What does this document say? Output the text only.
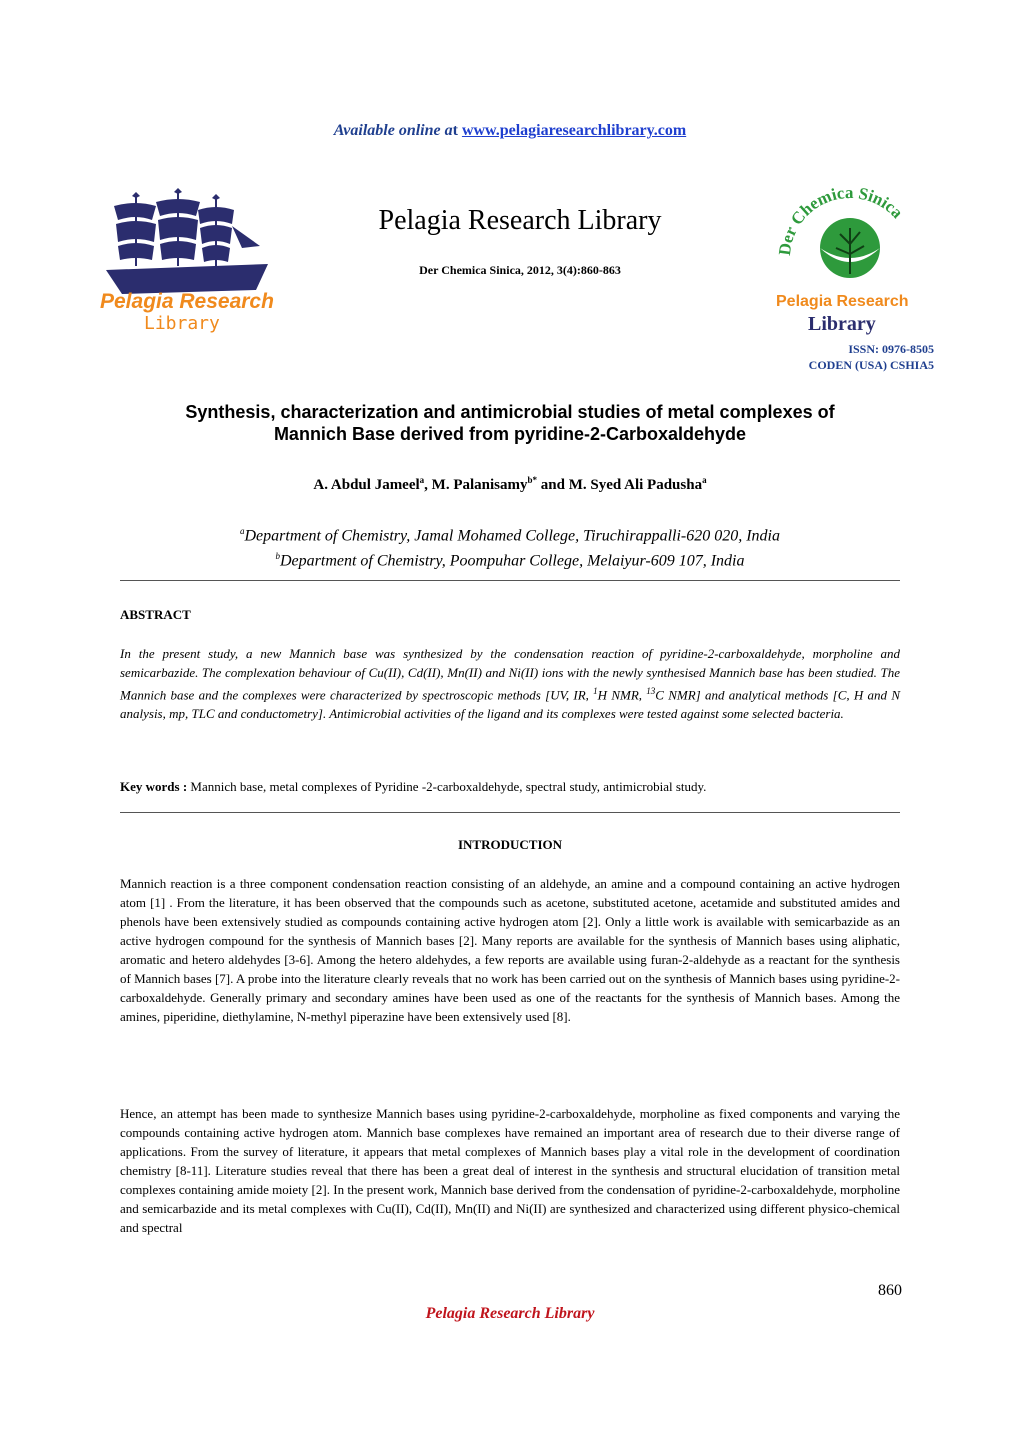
Available online at www.pelagiaresearchlibrary.com
Pelagia Research
Library
Pelagia Research Library
Der Chemica Sinica, 2012, 3(4):860-863
Der Chemica Sinica
Pelagia Research
Library
ISSN: 0976-8505
CODEN (USA) CSHIA5
Synthesis, characterization and antimicrobial studies of metal complexes of
Mannich Base derived from pyridine-2-Carboxaldehyde
A. Abdul Jameel$^a$, M. Palanisamy$^{b*}$ and M. Syed Ali Padusha$^a$
$^a$Department of Chemistry, Jamal Mohamed College, Tiruchirappalli-620 020, India
$^b$Department of Chemistry, Poompuhar College, Melaiyur-609 107, India
ABSTRACT
In the present study, a new Mannich base was synthesized by the condensation reaction of pyridine-2-carboxaldehyde, morpholine and semicarbazide. The complexation behaviour of Cu(II), Cd(II), Mn(II) and Ni(II) ions with the newly synthesised Mannich base has been studied. The Mannich base and the complexes were characterized by spectroscopic methods [UV, IR, $^1$H NMR, $^{13}$C NMR] and analytical methods [C, H and N analysis, mp, TLC and conductometry]. Antimicrobial activities of the ligand and its complexes were tested against some selected bacteria.
Key words : Mannich base, metal complexes of Pyridine -2-carboxaldehyde, spectral study, antimicrobial study.
INTRODUCTION
Mannich reaction is a three component condensation reaction consisting of an aldehyde, an amine and a compound containing an active hydrogen atom [1] . From the literature, it has been observed that the compounds such as acetone, substituted acetone, acetamide and substituted amides and phenols have been extensively studied as compounds containing active hydrogen atom [2]. Only a little work is available with semicarbazide as an active hydrogen compound for the synthesis of Mannich bases [2]. Many reports are available for the synthesis of Mannich bases using aliphatic, aromatic and hetero aldehydes [3-6]. Among the hetero aldehydes, a few reports are available using furan-2-aldehyde as a reactant for the synthesis of Mannich bases [7]. A probe into the literature clearly reveals that no work has been carried out on the synthesis of Mannich bases using pyridine-2-carboxaldehyde. Generally primary and secondary amines have been used as one of the reactants for the synthesis of Mannich bases. Among the amines, piperidine, diethylamine, N-methyl piperazine have been extensively used [8].
Hence, an attempt has been made to synthesize Mannich bases using pyridine-2-carboxaldehyde, morpholine as fixed components and varying the compounds containing active hydrogen atom. Mannich base complexes have remained an important area of research due to their diverse range of applications. From the survey of literature, it appears that metal complexes of Mannich bases play a vital role in the development of coordination chemistry [8-11]. Literature studies reveal that there has been a great deal of interest in the synthesis and structural elucidation of transition metal complexes containing amide moiety [2]. In the present work, Mannich base derived from the condensation of pyridine-2-carboxaldehyde, morpholine and semicarbazide and its metal complexes with Cu(II), Cd(II), Mn(II) and Ni(II) are synthesized and characterized using different physico-chemical and spectral
860
Pelagia Research Library
